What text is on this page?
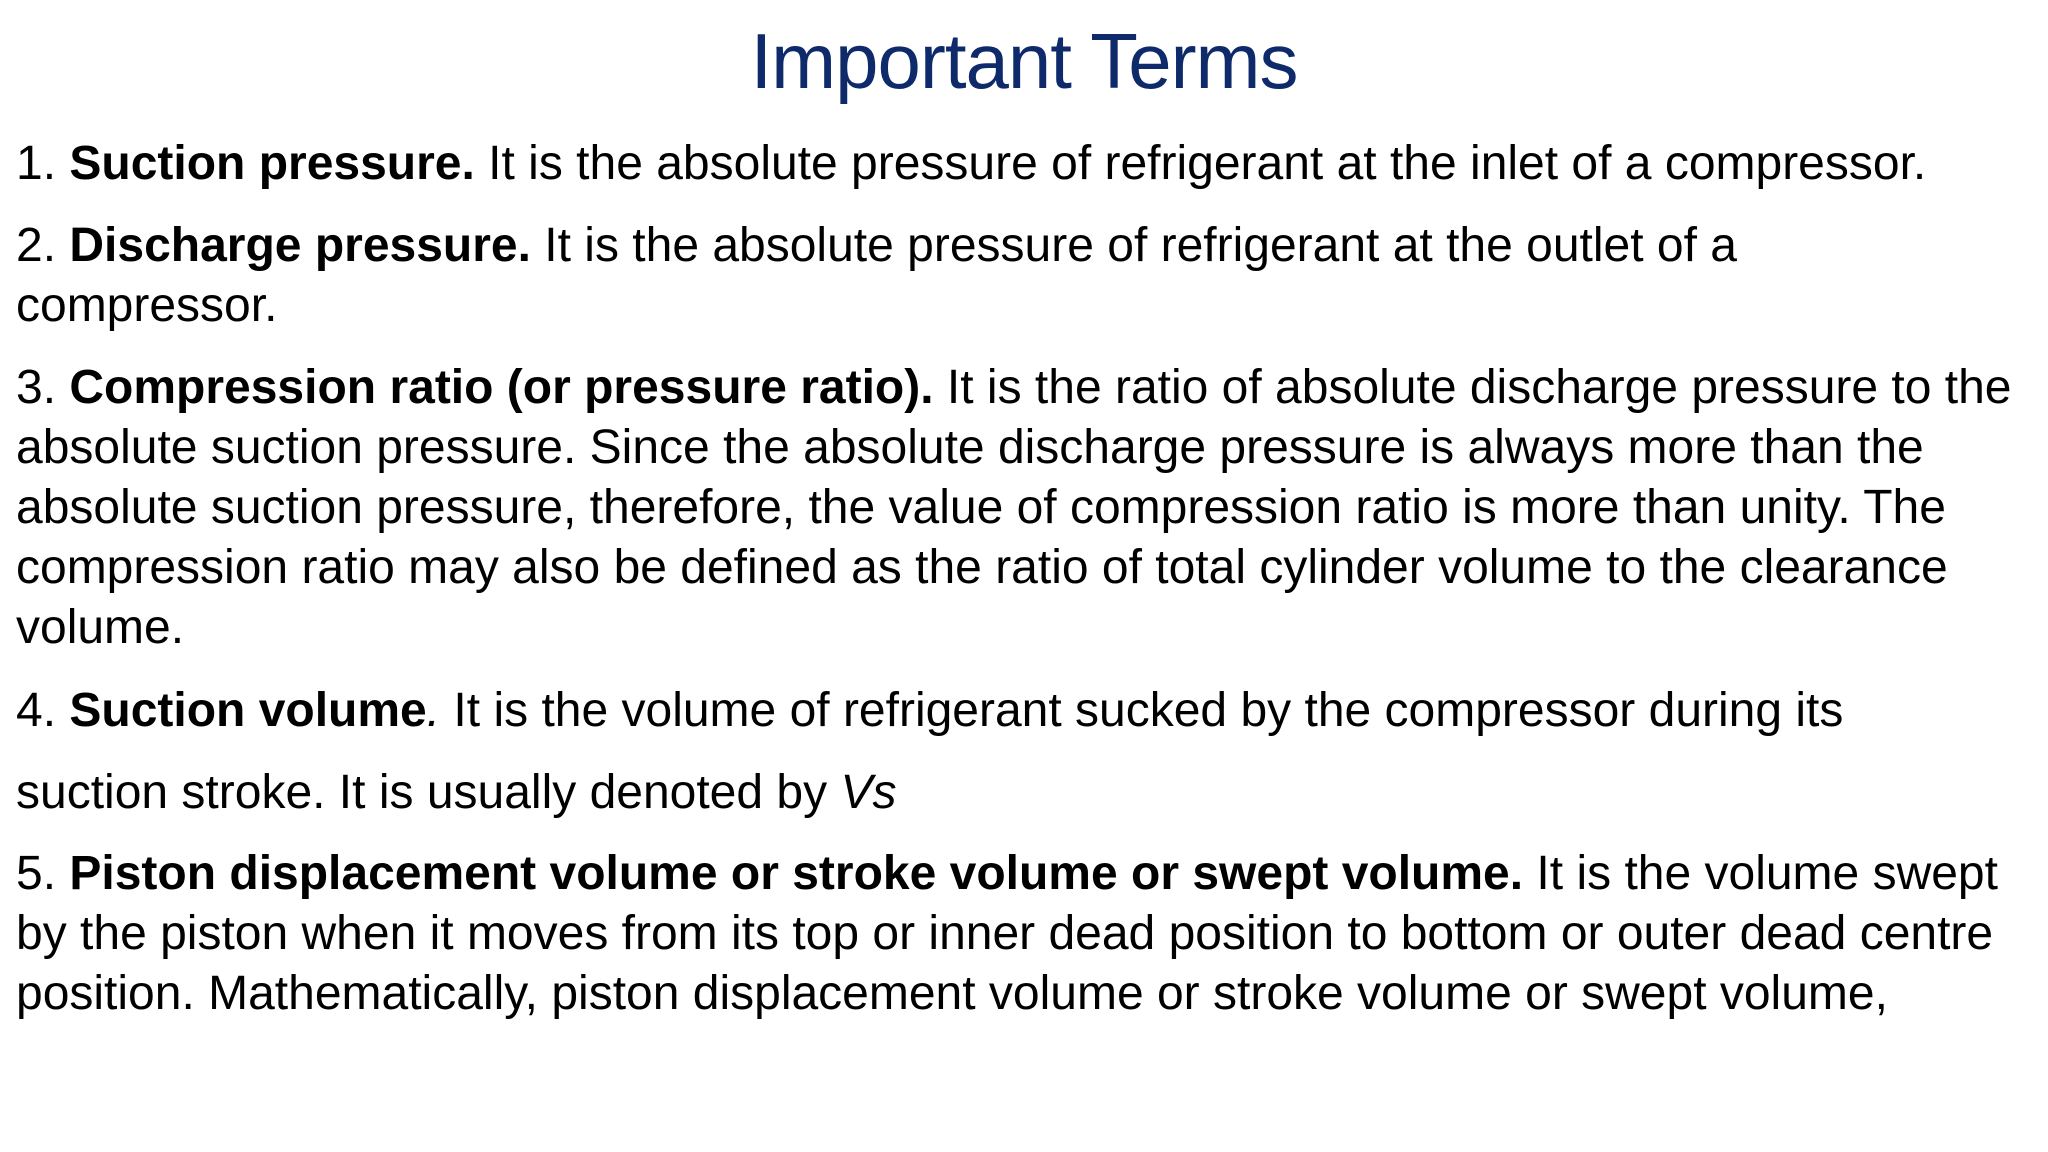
Important Terms

1. Suction pressure. It is the absolute pressure of refrigerant at the inlet of a compressor.

2. Discharge pressure. It is the absolute pressure of refrigerant at the outlet of a compressor.

3. Compression ratio (or pressure ratio). It is the ratio of absolute discharge pressure to the absolute suction pressure. Since the absolute discharge pressure is always more than the absolute suction pressure, therefore, the value of compression ratio is more than unity. The compression ratio may also be defined as the ratio of total cylinder volume to the clearance volume.

4. Suction volume. It is the volume of refrigerant sucked by the compressor during its suction stroke. It is usually denoted by Vs

5. Piston displacement volume or stroke volume or swept volume. It is the volume swept by the piston when it moves from its top or inner dead position to bottom or outer dead centre position. Mathematically, piston displacement volume or stroke volume or swept volume,
